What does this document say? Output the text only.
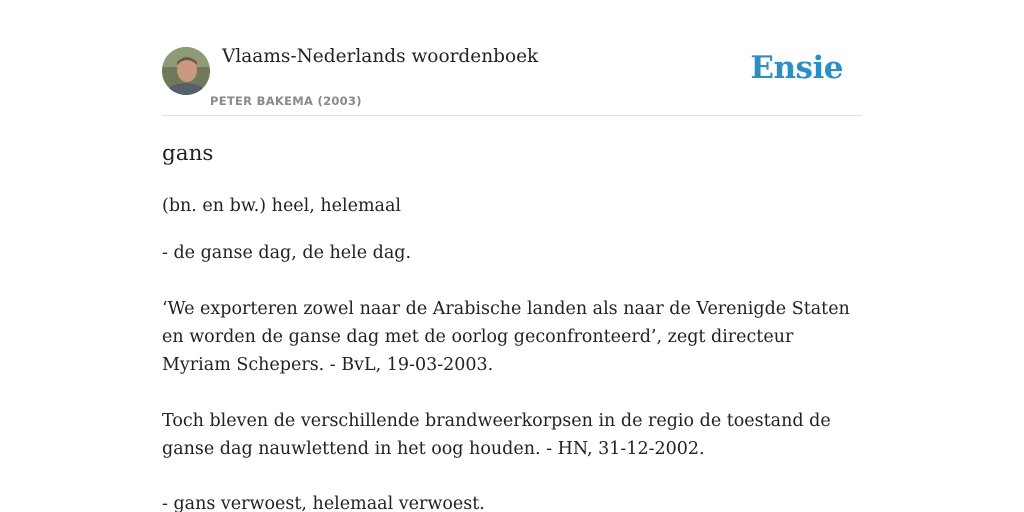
Vlaams-Nederlands woordenboek
PETER BAKEMA (2003)
Ensie
gans
(bn. en bw.) heel, helemaal
- de ganse dag, de hele dag.
‘We exporteren zowel naar de Arabische landen als naar de Verenigde Staten en worden de ganse dag met de oorlog geconfronteerd’, zegt directeur Myriam Schepers. - BvL, 19-03-2003.
Toch bleven de verschillende brandweerkorpsen in de regio de toestand de ganse dag nauwlettend in het oog houden. - HN, 31-12-2002.
- gans verwoest, helemaal verwoest.
